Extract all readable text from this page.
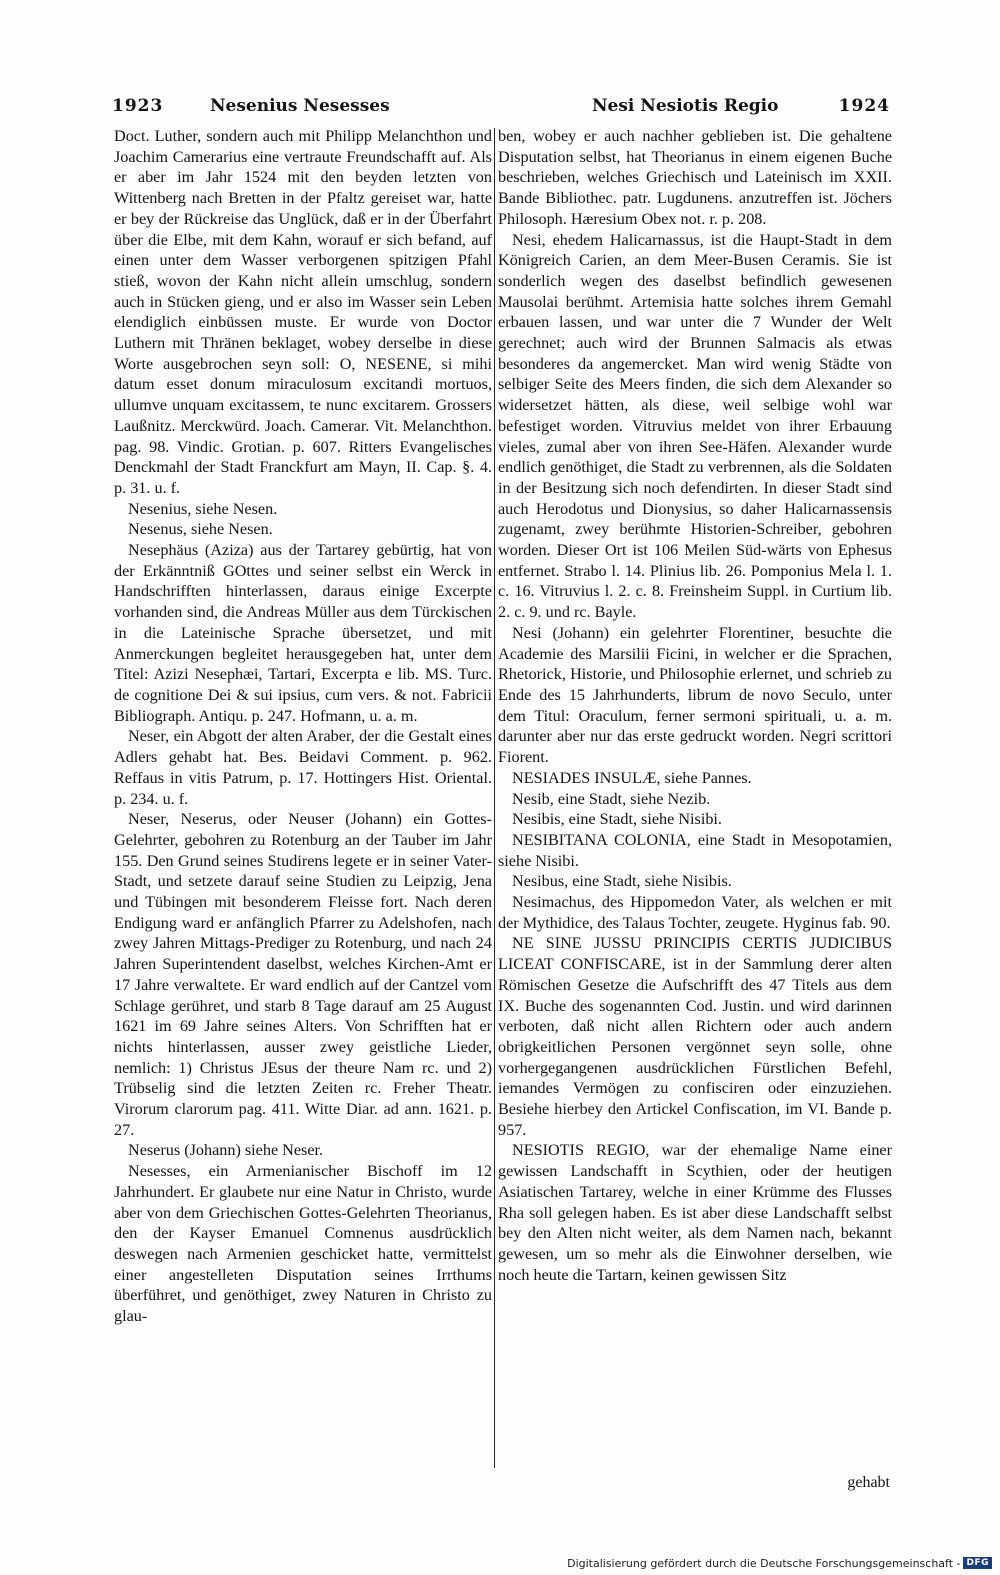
1923	Nesenius Nesesses	Nesi Nesiotis Regio	1924

Doct. Luther, sondern auch mit Philipp Melanchthon und Joachim Camerarius eine vertraute Freundschafft auf. Als er aber im Jahr 1524 mit den beyden letzten von Wittenberg nach Bretten in der Pfaltz gereiset war, hatte er bey der Rückreise das Unglück, daß er in der Überfahrt über die Elbe, mit dem Kahn, worauf er sich befand, auf einen unter dem Wasser verborgenen spitzigen Pfahl stieß, wovon der Kahn nicht allein umschlug, sondern auch in Stücken gieng, und er also im Wasser sein Leben elendiglich einbüssen muste. Er wurde von Doctor Luthern mit Thränen beklaget, wobey derselbe in diese Worte ausgebrochen seyn soll: O, NESENE, si mihi datum esset donum miraculosum excitandi mortuos, ullumve unquam excitassem, te nunc excitarem. Grossers Laußnitz. Merckwürd. Joach. Camerar. Vit. Melanchthon. pag. 98. Vindic. Grotian. p. 607. Ritters Evangelisches Denckmahl der Stadt Franckfurt am Mayn, II. Cap. §. 4. p. 31. u. f.

Nesenius, siehe Nesen.

Nesenus, siehe Nesen.

Nesephäus (Aziza) aus der Tartarey gebürtig, hat von der Erkänntniß GOttes und seiner selbst ein Werck in Handschrifften hinterlassen, daraus einige Excerpte vorhanden sind, die Andreas Müller aus dem Türckischen in die Lateinische Sprache übersetzet, und mit Anmerckungen begleitet herausgegeben hat, unter dem Titel: Azizi Nesephæi, Tartari, Excerpta e lib. MS. Turc. de cognitione Dei & sui ipsius, cum vers. & not. Fabricii Bibliograph. Antiqu. p. 247. Hofmann, u. a. m.

Neser, ein Abgott der alten Araber, der die Gestalt eines Adlers gehabt hat. Bes. Beidavi Comment. p. 962. Reffaus in vitis Patrum, p. 17. Hottingers Hist. Oriental. p. 234. u. f.

Neser, Neserus, oder Neuser (Johann) ein Gottes-Gelehrter, gebohren zu Rotenburg an der Tauber im Jahr 155. Den Grund seines Studirens legete er in seiner Vater-Stadt, und setzete darauf seine Studien zu Leipzig, Jena und Tübingen mit besonderem Fleisse fort. Nach deren Endigung ward er anfänglich Pfarrer zu Adelshofen, nach zwey Jahren Mittags-Prediger zu Rotenburg, und nach 24 Jahren Superintendent daselbst, welches Kirchen-Amt er 17 Jahre verwaltete. Er ward endlich auf der Cantzel vom Schlage gerühret, und starb 8 Tage darauf am 25 August 1621 im 69 Jahre seines Alters. Von Schrifften hat er nichts hinterlassen, ausser zwey geistliche Lieder, nemlich: 1) Christus JEsus der theure Nam rc. und 2) Trübselig sind die letzten Zeiten rc. Freher Theatr. Virorum clarorum pag. 411. Witte Diar. ad ann. 1621. p. 27.

Neserus (Johann) siehe Neser.

Nesesses, ein Armenianischer Bischoff im 12 Jahrhundert. Er glaubete nur eine Natur in Christo, wurde aber von dem Griechischen Gottes-Gelehrten Theorianus, den der Kayser Emanuel Comnenus ausdrücklich deswegen nach Armenien geschicket hatte, vermittelst einer angestelleten Disputation seines Irrthums überführet, und genöthiget, zwey Naturen in Christo zu glau-

ben, wobey er auch nachher geblieben ist. Die gehaltene Disputation selbst, hat Theorianus in einem eigenen Buche beschrieben, welches Griechisch und Lateinisch im XXII. Bande Bibliothec. patr. Lugdunens. anzutreffen ist. Jöchers Philosoph. Hæresium Obex not. r. p. 208.

Nesi, ehedem Halicarnassus, ist die Haupt-Stadt in dem Königreich Carien, an dem Meer-Busen Ceramis. Sie ist sonderlich wegen des daselbst befindlich gewesenen Mausolai berühmt. Artemisia hatte solches ihrem Gemahl erbauen lassen, und war unter die 7 Wunder der Welt gerechnet; auch wird der Brunnen Salmacis als etwas besonderes da angemercket. Man wird wenig Städte von selbiger Seite des Meers finden, die sich dem Alexander so widersetzet hätten, als diese, weil selbige wohl war befestiget worden. Vitruvius meldet von ihrer Erbauung vieles, zumal aber von ihren See-Häfen. Alexander wurde endlich genöthiget, die Stadt zu verbrennen, als die Soldaten in der Besitzung sich noch defendirten. In dieser Stadt sind auch Herodotus und Dionysius, so daher Halicarnassensis zugenamt, zwey berühmte Historien-Schreiber, gebohren worden. Dieser Ort ist 106 Meilen Süd-wärts von Ephesus entfernet. Strabo l. 14. Plinius lib. 26. Pomponius Mela l. 1. c. 16. Vitruvius l. 2. c. 8. Freinsheim Suppl. in Curtium lib. 2. c. 9. und rc. Bayle.

Nesi (Johann) ein gelehrter Florentiner, besuchte die Academie des Marsilii Ficini, in welcher er die Sprachen, Rhetorick, Historie, und Philosophie erlernet, und schrieb zu Ende des 15 Jahrhunderts, librum de novo Seculo, unter dem Titul: Oraculum, ferner sermoni spirituali, u. a. m. darunter aber nur das erste gedruckt worden. Negri scrittori Fiorent.

NESIADES INSULÆ, siehe Pannes.

Nesib, eine Stadt, siehe Nezib.

Nesibis, eine Stadt, siehe Nisibi.

NESIBITANA COLONIA, eine Stadt in Mesopotamien, siehe Nisibi.

Nesibus, eine Stadt, siehe Nisibis.

Nesimachus, des Hippomedon Vater, als welchen er mit der Mythidice, des Talaus Tochter, zeugete. Hyginus fab. 90.

NE SINE JUSSU PRINCIPIS CERTIS JUDICIBUS LICEAT CONFISCARE, ist in der Sammlung derer alten Römischen Gesetze die Aufschrifft des 47 Titels aus dem IX. Buche des sogenannten Cod. Justin. und wird darinnen verboten, daß nicht allen Richtern oder auch andern obrigkeitlichen Personen vergönnet seyn solle, ohne vorhergegangenen ausdrücklichen Fürstlichen Befehl, iemandes Vermögen zu confisciren oder einzuziehen. Besiehe hierbey den Artickel Confiscation, im VI. Bande p. 957.

NESIOTIS REGIO, war der ehemalige Name einer gewissen Landschafft in Scythien, oder der heutigen Asiatischen Tartarey, welche in einer Krümme des Flusses Rha soll gelegen haben. Es ist aber diese Landschafft selbst bey den Alten nicht weiter, als dem Namen nach, bekannt gewesen, um so mehr als die Einwohner derselben, wie noch heute die Tartarn, keinen gewissen Sitz

gehabt
Digitalisierung gefördert durch die Deutsche Forschungsgemeinschaft - DFG
